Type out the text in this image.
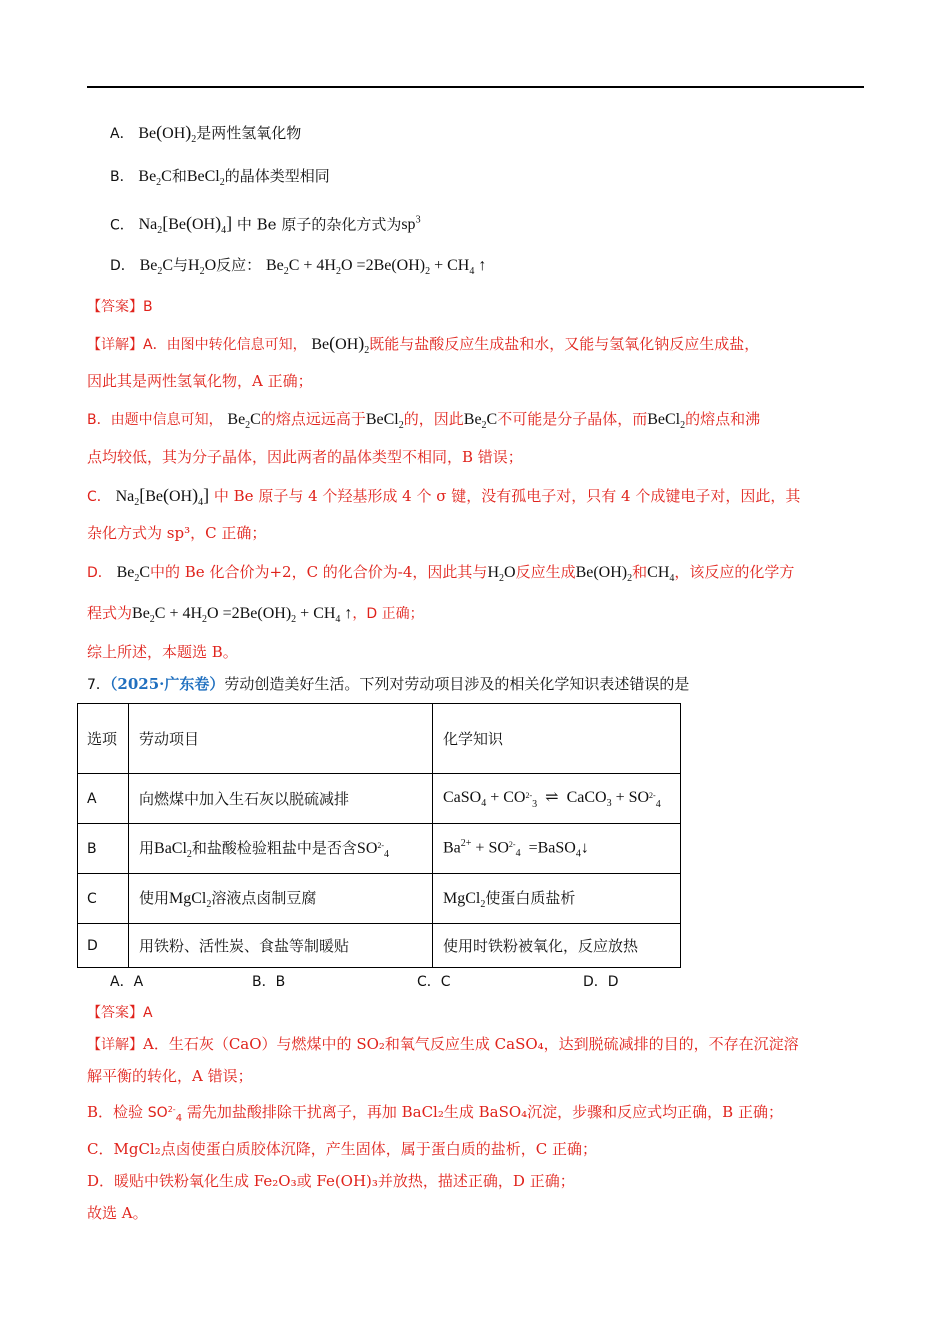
A． $Be(OH)_2$是两性氢氧化物
B． $Be_2C$和BeCl$_2$的晶体类型相同
C． $Na_2[Be(OH)_4]$ 中 Be 原子的杂化方式为$sp^3$
D． $Be_2C$与$H_2O$反应： $Be_2C + 4H_2O =2Be(OH)_2 + CH_4$ ↑
【答案】B
【详解】A．由图中转化信息可知， $Be(OH)_2$既能与盐酸反应生成盐和水，又能与氢氧化钠反应生成盐，
因此其是两性氢氧化物，A 正确；
B．由题中信息可知， $Be_2C$的熔点远远高于BeCl$_2$的，因此$Be_2C$不可能是分子晶体，而BeCl$_2$的熔点和沸
点均较低，其为分子晶体，因此两者的晶体类型不相同，B 错误；
C． $Na_2[Be(OH)_4]$ 中 Be 原子与 4 个羟基形成 4 个 σ 键，没有孤电子对，只有 4 个成键电子对，因此，其
杂化方式为 sp³，C 正确；
D． $Be_2C$中的 Be 化合价为+2，C 的化合价为-4，因此其与$H_2O$反应生成$Be(OH)_2$和$CH_4$，该反应的化学方
程式为$Be_2C + 4H_2O =2Be(OH)_2 + CH_4$ ↑，D 正确；
综上所述，本题选 B。
7．（2025·广东卷）劳动创造美好生活。下列对劳动项目涉及的相关化学知识表述错误的是
选项	劳动项目	化学知识
A	向燃煤中加入生石灰以脱硫减排	CaSO$_4$ + $CO_{^{2-}3}$  ⇌  CaCO$_3$ + $SO_{^{2-}4}$
B	用BaCl$_2$和盐酸检验粗盐中是否含$SO_{^{2-}4}$	$Ba^{2+} + SO_{^{2-}4}$  =BaSO$_4$↓
C	使用MgCl$_2$溶液点卤制豆腐	MgCl$_2$使蛋白质盐析
D	用铁粉、活性炭、食盐等制暖贴	使用时铁粉被氧化，反应放热
A．A	B．B	C．C	D．D
【答案】A
【详解】A．生石灰（CaO）与燃煤中的 SO₂和氧气反应生成 CaSO₄，达到脱硫减排的目的，不存在沉淀溶
解平衡的转化，A 错误；
B．检验 $SO_{^{2-}4}$ 需先加盐酸排除干扰离子，再加 BaCl₂生成 BaSO₄沉淀，步骤和反应式均正确，B 正确；
C．MgCl₂点卤使蛋白质胶体沉降，产生固体，属于蛋白质的盐析，C 正确；
D．暖贴中铁粉氧化生成 Fe₂O₃或 Fe(OH)₃并放热，描述正确，D 正确；
故选 A。
